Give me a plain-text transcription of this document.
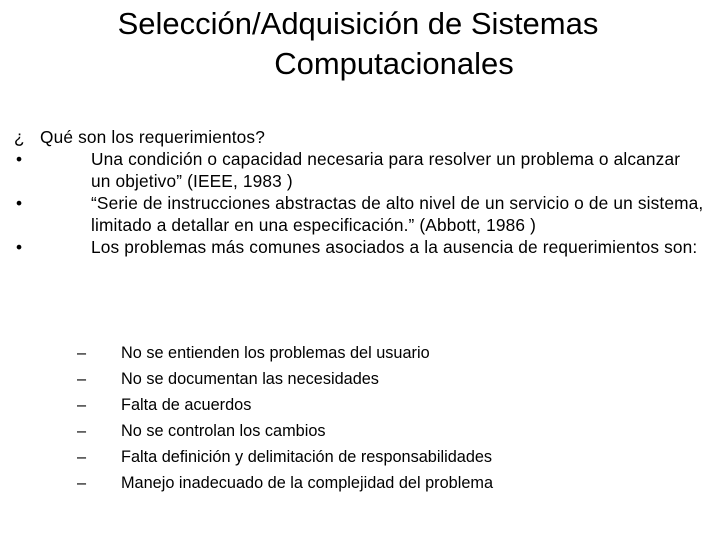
Selección/Adquisición de Sistemas
Computacionales
¿ Qué son los requerimientos?
•	Una condición o capacidad necesaria para resolver un problema o alcanzar un objetivo” (IEEE, 1983 )
•	“Serie de instrucciones abstractas de alto nivel de un servicio o de un sistema, limitado a detallar en una especificación.” (Abbott, 1986 )
•	Los problemas más comunes asociados a la ausencia de requerimientos son:
– No se entienden los problemas del usuario
– No se documentan las necesidades
– Falta de acuerdos
– No se controlan los cambios
– Falta definición y delimitación de responsabilidades
– Manejo inadecuado de la complejidad del problema
